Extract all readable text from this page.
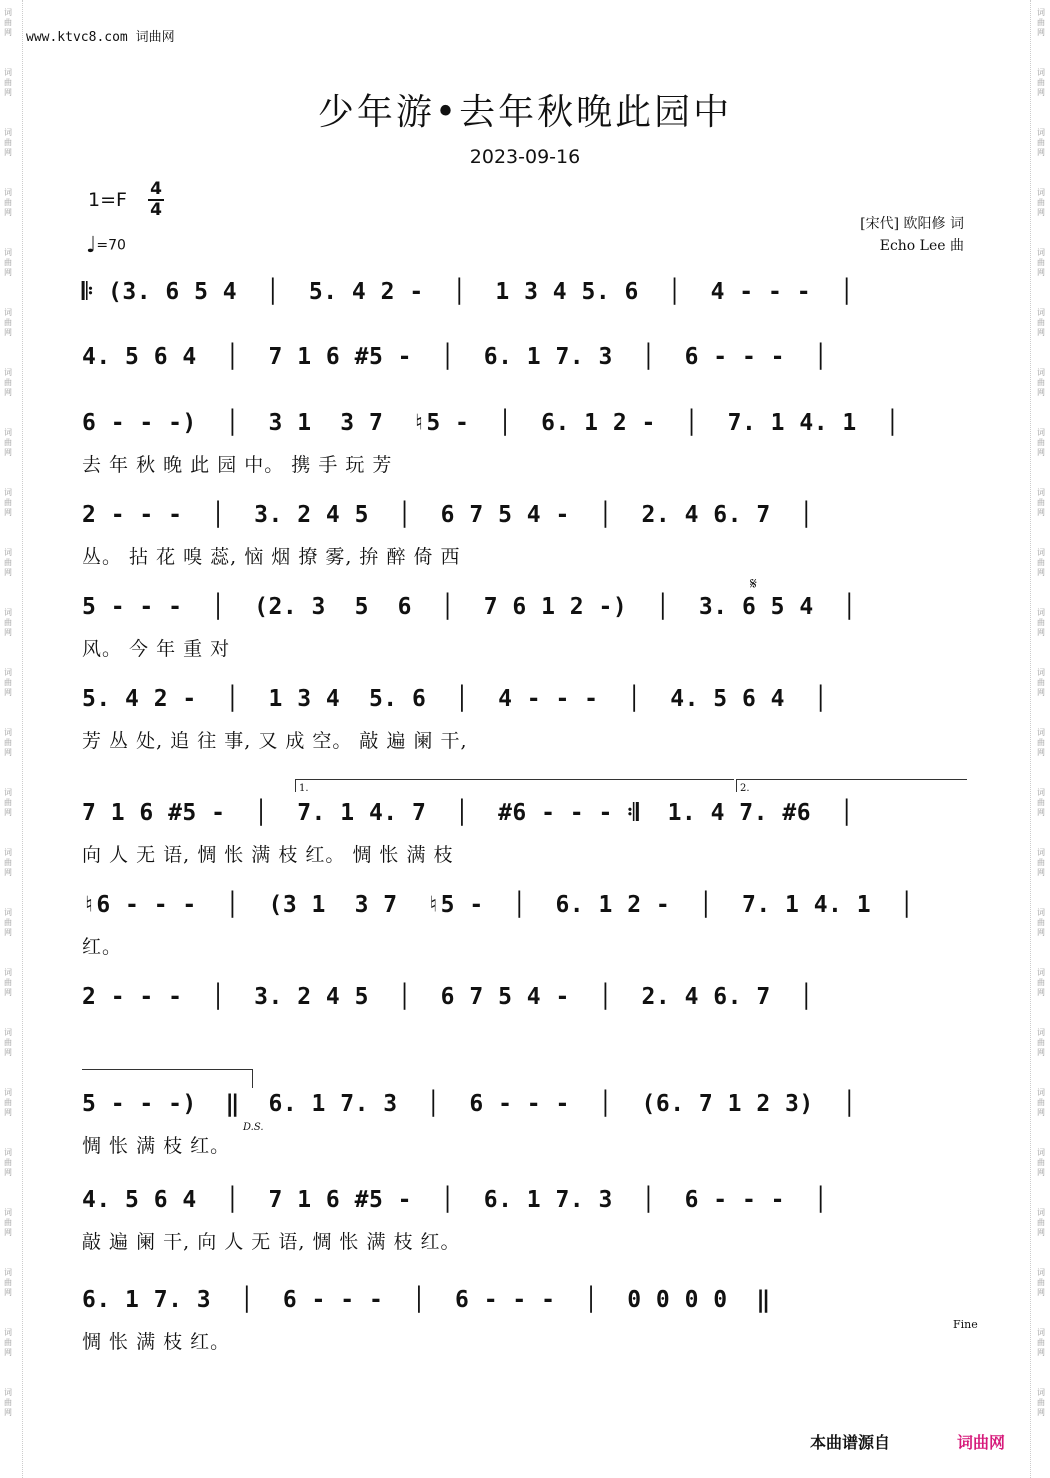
www.ktvc8.com 词曲网
少年游•去年秋晚此园中
2023-09-16
1=F 4
4
♩=70
[宋代] 欧阳修 词
Echo Lee 曲
𝄆 (3. 6 5 4  │  5. 4 2 -  │  1 3 4 5. 6  │  4 - - -  │
4. 5 6 4  │  7 1 6 #5 -  │  6. 1 7. 3  │  6 - - -  │
6 - - -)  │  3 1  3 7  ♮5 -  │  6. 1 2 -  │  7. 1 4. 1  │
去 年 秋 晚 此 园 中。 携 手 玩 芳
2 - - -  │  3. 2 4 5  │  6 7 5 4 -  │  2. 4 6. 7  │
丛。 拈 花 嗅 蕊, 恼 烟 撩 雾, 拚 醉 倚 西
𝄋
5 - - -  │  (2. 3  5  6  │  7 6 1 2 -)  │  3. 6 5 4  │
风。 今 年 重 对
5. 4 2 -  │  1 3 4  5. 6  │  4 - - -  │  4. 5 6 4  │
芳 丛 处, 追 往 事, 又 成 空。 敲 遍 阑 干,
1.	2.
7 1 6 #5 -  │  7. 1 4. 7  │  #6 - - - 𝄇  1. 4 7. #6  │
向 人 无 语, 惆 怅 满 枝 红。 惆 怅 满 枝
♮6 - - -  │  (3 1  3 7  ♮5 -  │  6. 1 2 -  │  7. 1 4. 1  │
红。
2 - - -  │  3. 2 4 5  │  6 7 5 4 -  │  2. 4 6. 7  │
5 - - -)  ‖  6. 1 7. 3  │  6 - - -  │  (6. 7 1 2 3)  │
D.S.
惆 怅 满 枝 红。
4. 5 6 4  │  7 1 6 #5 -  │  6. 1 7. 3  │  6 - - -  │
敲 遍 阑 干, 向 人 无 语, 惆 怅 满 枝 红。
6. 1 7. 3  │  6 - - -  │  6 - - -  │  0 0 0 0  ‖
Fine
惆 怅 满 枝 红。
词
曲
网
词
曲
网
词
曲
网
词
曲
网
词
曲
网
词
曲
网
词
曲
网
词
曲
网
词
曲
网
词
曲
网
词
曲
网
词
曲
网
词
曲
网
词
曲
网
词
曲
网
词
曲
网
词
曲
网
词
曲
网
词
曲
网
词
曲
网
词
曲
网
词
曲
网
词
曲
网
词
曲
网
词
曲
网
词
曲
网
词
曲
网
词
曲
网
词
曲
网
词
曲
网
词
曲
网
词
曲
网
词
曲
网
词
曲
网
词
曲
网
词
曲
网
词
曲
网
词
曲
网
词
曲
网
词
曲
网
词
曲
网
词
曲
网
词
曲
网
词
曲
网
词
曲
网
词
曲
网
词
曲
网
词
曲
网
本曲谱源自	词曲网
